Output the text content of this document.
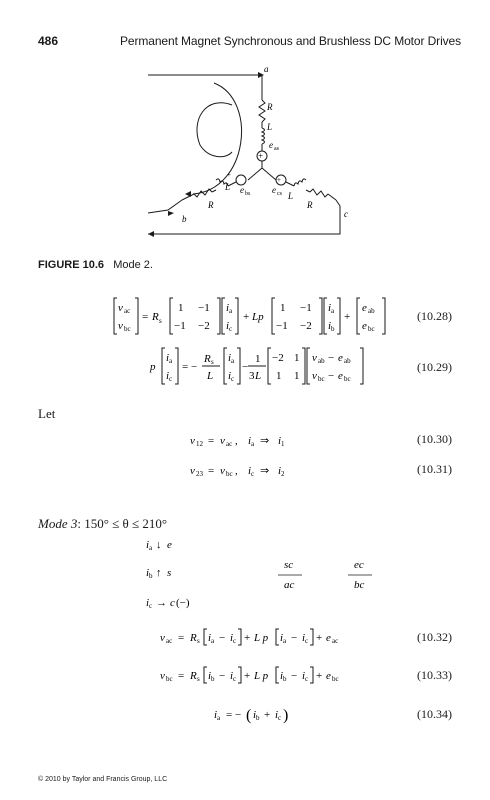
486	Permanent Magnet Synchronous and Brushless DC Motor Drives
a
R
L
e as
+
+
+
L e bs e cs L
R	R
b	c
FIGURE 10.6 Mode 2.
v ac
v bc
= R s
1 −1
−1 −2
i a
i c
+ Lp
1 −1
−1 −2
i a
i b
+
e ab
e bc
(10.28)
p
i a
i c
= −
R s
L
i a
i c
−
1
3 L
−2 1
1 1
v ab − e ab
v bc − e bc
(10.29)
Let
v 12 = v ac , i a ⇒ i 1	(10.30)
v 23 = v bc , i c ⇒ i 2	(10.31)
Mode 3: 150° ≤ θ ≤ 210°
i a ↓ e
i b ↑ s
i c → c (−)
sc
ac
ec
bc
v ac = R s i a − i c + L p i a − i c + e ac	(10.32)
v bc = R s i b − i c + L p i b − i c + e bc	(10.33)
i a = − ( i b + i c )	(10.34)
© 2010 by Taylor and Francis Group, LLC
